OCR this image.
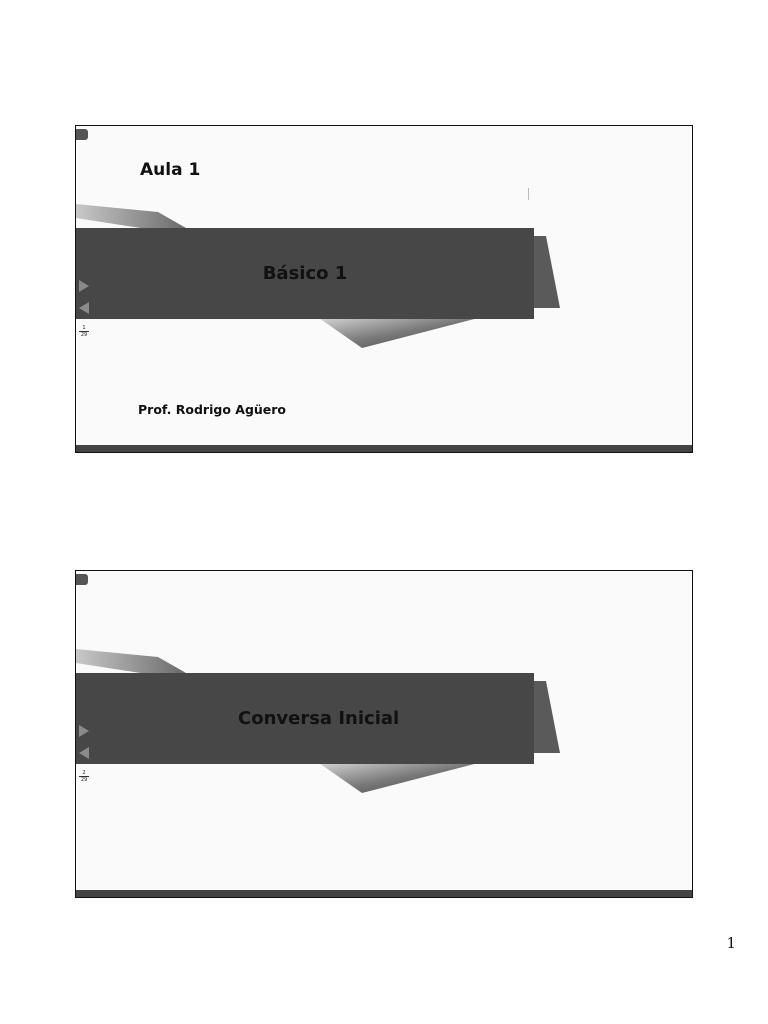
Aula 1
Básico 1
1
29
Prof. Rodrigo Agüero
Conversa Inicial
2
29
1
